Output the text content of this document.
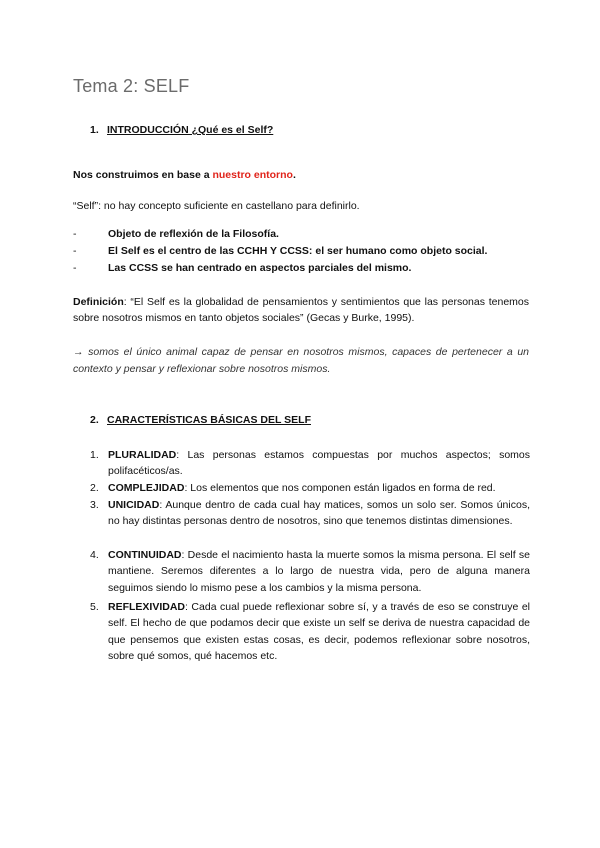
Tema 2: SELF
1. INTRODUCCIÓN ¿Qué es el Self?
Nos construimos en base a nuestro entorno.
“Self”: no hay concepto suficiente en castellano para definirlo.
-	Objeto de reflexión de la Filosofía.
-	El Self es el centro de las CCHH Y CCSS: el ser humano como objeto social.
-	Las CCSS se han centrado en aspectos parciales del mismo.
Definición: “El Self es la globalidad de pensamientos y sentimientos que las personas tenemos sobre nosotros mismos en tanto objetos sociales” (Gecas y Burke, 1995).
→ somos el único animal capaz de pensar en nosotros mismos, capaces de pertenecer a un contexto y pensar y reflexionar sobre nosotros mismos.
2. CARACTERÍSTICAS BÁSICAS DEL SELF
1. PLURALIDAD: Las personas estamos compuestas por muchos aspectos; somos polifacéticos/as.
2. COMPLEJIDAD: Los elementos que nos componen están ligados en forma de red.
3. UNICIDAD: Aunque dentro de cada cual hay matices, somos un solo ser. Somos únicos, no hay distintas personas dentro de nosotros, sino que tenemos distintas dimensiones.
4. CONTINUIDAD: Desde el nacimiento hasta la muerte somos la misma persona. El self se mantiene. Seremos diferentes a lo largo de nuestra vida, pero de alguna manera seguimos siendo lo mismo pese a los cambios y la misma persona.
5. REFLEXIVIDAD: Cada cual puede reflexionar sobre sí, y a través de eso se construye el self. El hecho de que podamos decir que existe un self se deriva de nuestra capacidad de que pensemos que existen estas cosas, es decir, podemos reflexionar sobre nosotros, sobre qué somos, qué hacemos etc.
